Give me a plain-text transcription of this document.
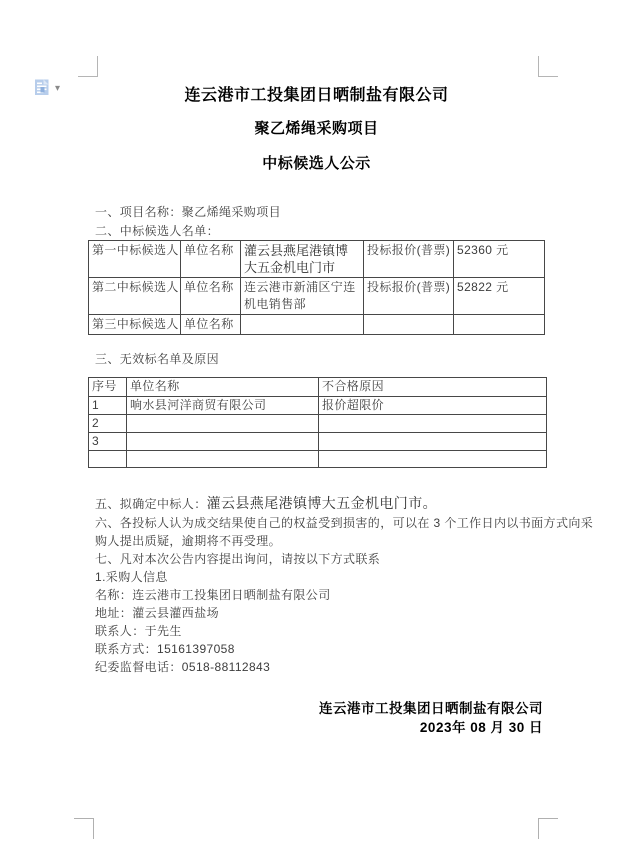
▾	连云港市工投集团日晒制盐有限公司
聚乙烯绳采购项目
中标候选人公示
一、项目名称：聚乙烯绳采购项目
二、中标候选人名单：
第一中标候选人	单位名称	灌云县燕尾港镇博大五金机电门市	投标报价(普票)	52360 元
第二中标候选人	单位名称	连云港市新浦区宁连机电销售部	投标报价(普票)	52822 元
第三中标候选人	单位名称			
三、无效标名单及原因
序号	单位名称	不合格原因
1	响水县河洋商贸有限公司	报价超限价
2		
3		

五、拟确定中标人：灌云县燕尾港镇博大五金机电门市。
六、各投标人认为成交结果使自己的权益受到损害的，可以在 3 个工作日内以书面方式向采
购人提出质疑，逾期将不再受理。
七、凡对本次公告内容提出询问，请按以下方式联系
1.采购人信息
名称：连云港市工投集团日晒制盐有限公司
地址：灌云县灌西盐场
联系人：于先生
联系方式：15161397058
纪委监督电话：0518-88112843
连云港市工投集团日晒制盐有限公司
2023年 08 月 30 日
